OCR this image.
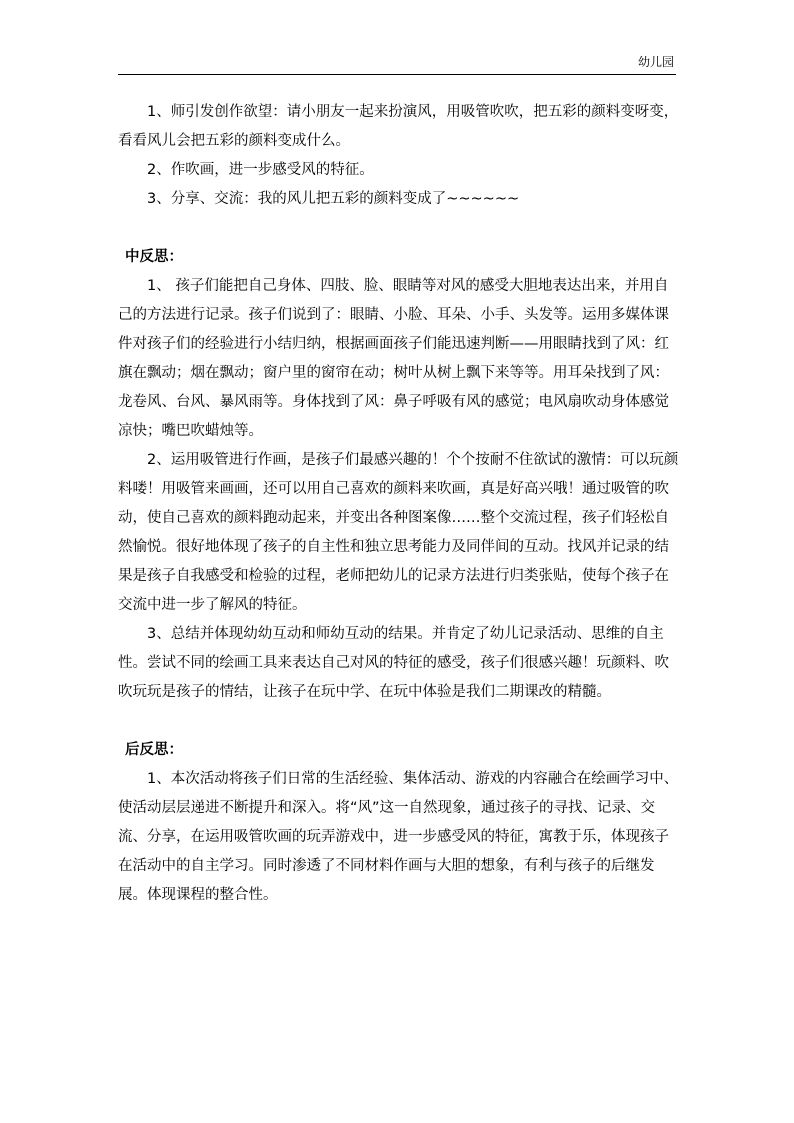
幼儿园

1、师引发创作欲望：请小朋友一起来扮演风，用吸管吹吹，把五彩的颜料变呀变，看看风儿会把五彩的颜料变成什么。

2、作吹画，进一步感受风的特征。

3、分享、交流：我的风儿把五彩的颜料变成了~~~~~~

中反思：

1、 孩子们能把自己身体、四肢、脸、眼睛等对风的感受大胆地表达出来，并用自己的方法进行记录。孩子们说到了：眼睛、小脸、耳朵、小手、头发等。运用多媒体课件对孩子们的经验进行小结归纳，根据画面孩子们能迅速判断——用眼睛找到了风：红旗在飘动；烟在飘动；窗户里的窗帘在动；树叶从树上飘下来等等。用耳朵找到了风：龙卷风、台风、暴风雨等。身体找到了风：鼻子呼吸有风的感觉；电风扇吹动身体感觉凉快；嘴巴吹蜡烛等。

2、运用吸管进行作画，是孩子们最感兴趣的！个个按耐不住欲试的激情：可以玩颜料喽！用吸管来画画，还可以用自己喜欢的颜料来吹画，真是好高兴哦！通过吸管的吹动，使自己喜欢的颜料跑动起来，并变出各种图案像……整个交流过程，孩子们轻松自然愉悦。很好地体现了孩子的自主性和独立思考能力及同伴间的互动。找风并记录的结果是孩子自我感受和检验的过程，老师把幼儿的记录方法进行归类张贴，使每个孩子在交流中进一步了解风的特征。

3、总结并体现幼幼互动和师幼互动的结果。并肯定了幼儿记录活动、思维的自主性。尝试不同的绘画工具来表达自己对风的特征的感受，孩子们很感兴趣！玩颜料、吹吹玩玩是孩子的情结，让孩子在玩中学、在玩中体验是我们二期课改的精髓。

后反思：

1、本次活动将孩子们日常的生活经验、集体活动、游戏的内容融合在绘画学习中、使活动层层递进不断提升和深入。将“风”这一自然现象，通过孩子的寻找、记录、交流、分享，在运用吸管吹画的玩弄游戏中，进一步感受风的特征，寓教于乐，体现孩子在活动中的自主学习。同时渗透了不同材料作画与大胆的想象，有利与孩子的后继发展。体现课程的整合性。
